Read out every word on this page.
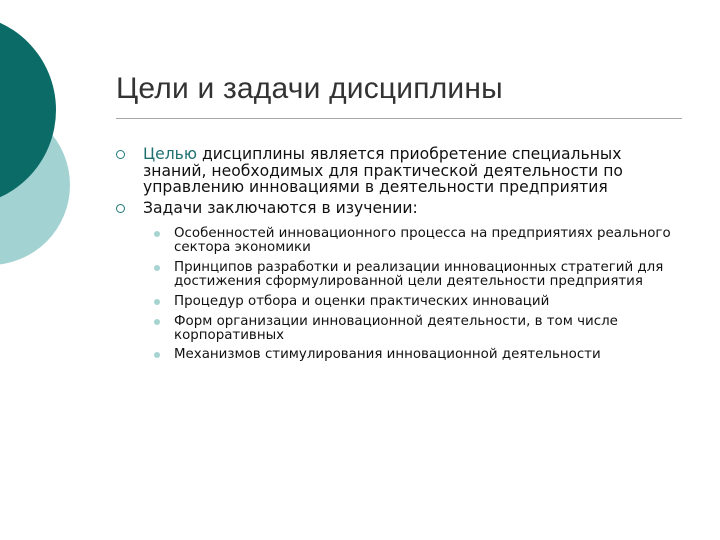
Цели и задачи дисциплины
Целью дисциплины является приобретение специальных знаний, необходимых для практической деятельности по управлению инновациями в деятельности предприятия
Задачи заключаются в изучении:
Особенностей инновационного процесса на предприятиях реального сектора экономики
Принципов разработки и реализации инновационных стратегий для достижения сформулированной цели деятельности предприятия
Процедур отбора и оценки практических инноваций
Форм организации инновационной деятельности, в том числе корпоративных
Механизмов стимулирования инновационной деятельности
